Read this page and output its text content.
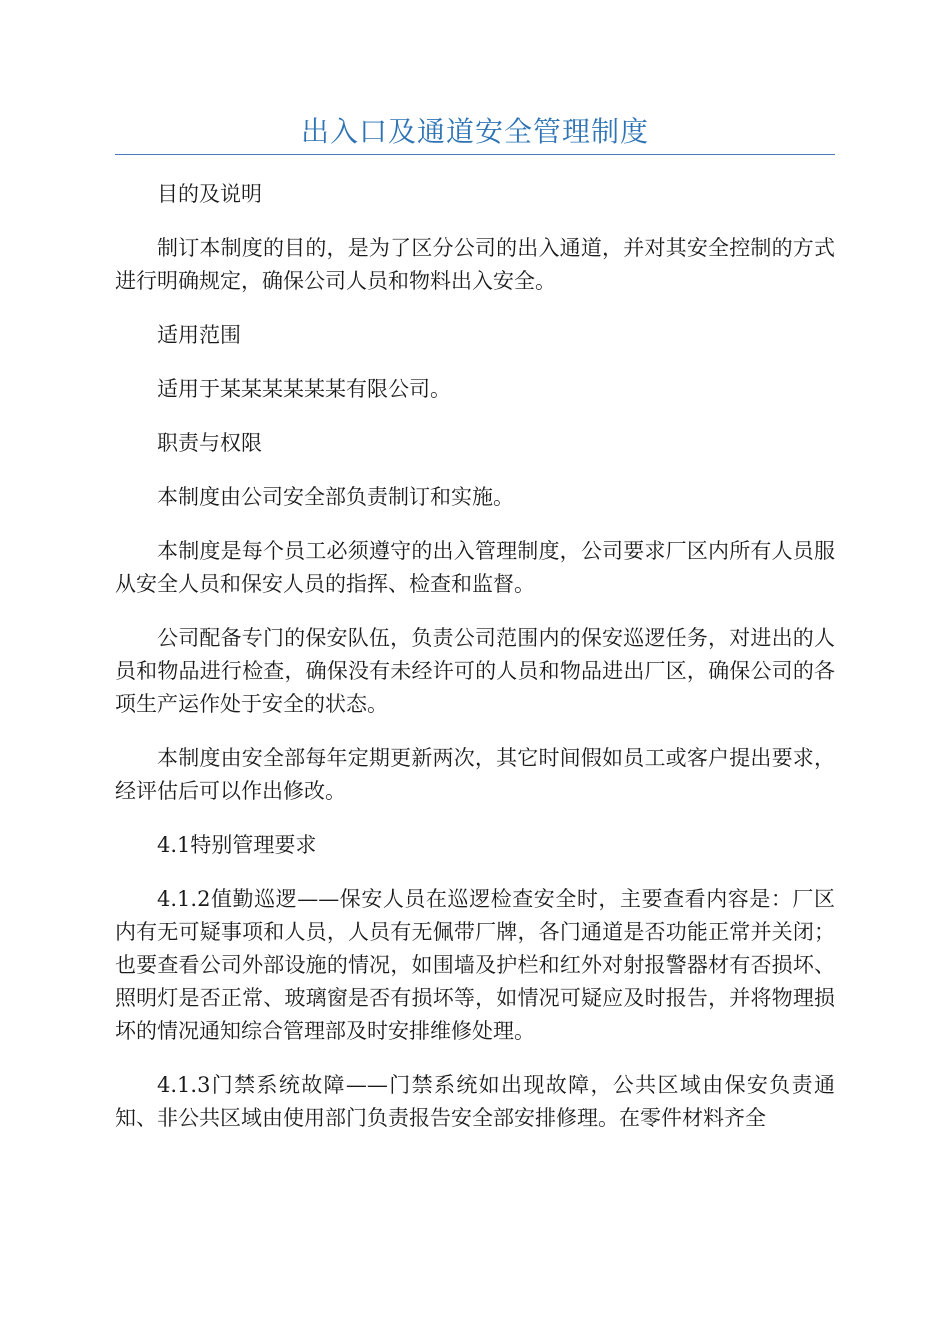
出入口及通道安全管理制度

目的及说明

制订本制度的目的，是为了区分公司的出入通道，并对其安全控制的方式进行明确规定，确保公司人员和物料出入安全。

适用范围

适用于某某某某某某有限公司。

职责与权限

本制度由公司安全部负责制订和实施。

本制度是每个员工必须遵守的出入管理制度，公司要求厂区内所有人员服从安全人员和保安人员的指挥、检查和监督。

公司配备专门的保安队伍，负责公司范围内的保安巡逻任务，对进出的人员和物品进行检查，确保没有未经许可的人员和物品进出厂区，确保公司的各项生产运作处于安全的状态。

本制度由安全部每年定期更新两次，其它时间假如员工或客户提出要求，经评估后可以作出修改。

4.1特别管理要求

4.1.2值勤巡逻——保安人员在巡逻检查安全时，主要查看内容是：厂区内有无可疑事项和人员，人员有无佩带厂牌，各门通道是否功能正常并关闭；也要查看公司外部设施的情况，如围墙及护栏和红外对射报警器材有否损坏、照明灯是否正常、玻璃窗是否有损坏等，如情况可疑应及时报告，并将物理损坏的情况通知综合管理部及时安排维修处理。

4.1.3门禁系统故障——门禁系统如出现故障，公共区域由保安负责通知、非公共区域由使用部门负责报告安全部安排修理。在零件材料齐全
